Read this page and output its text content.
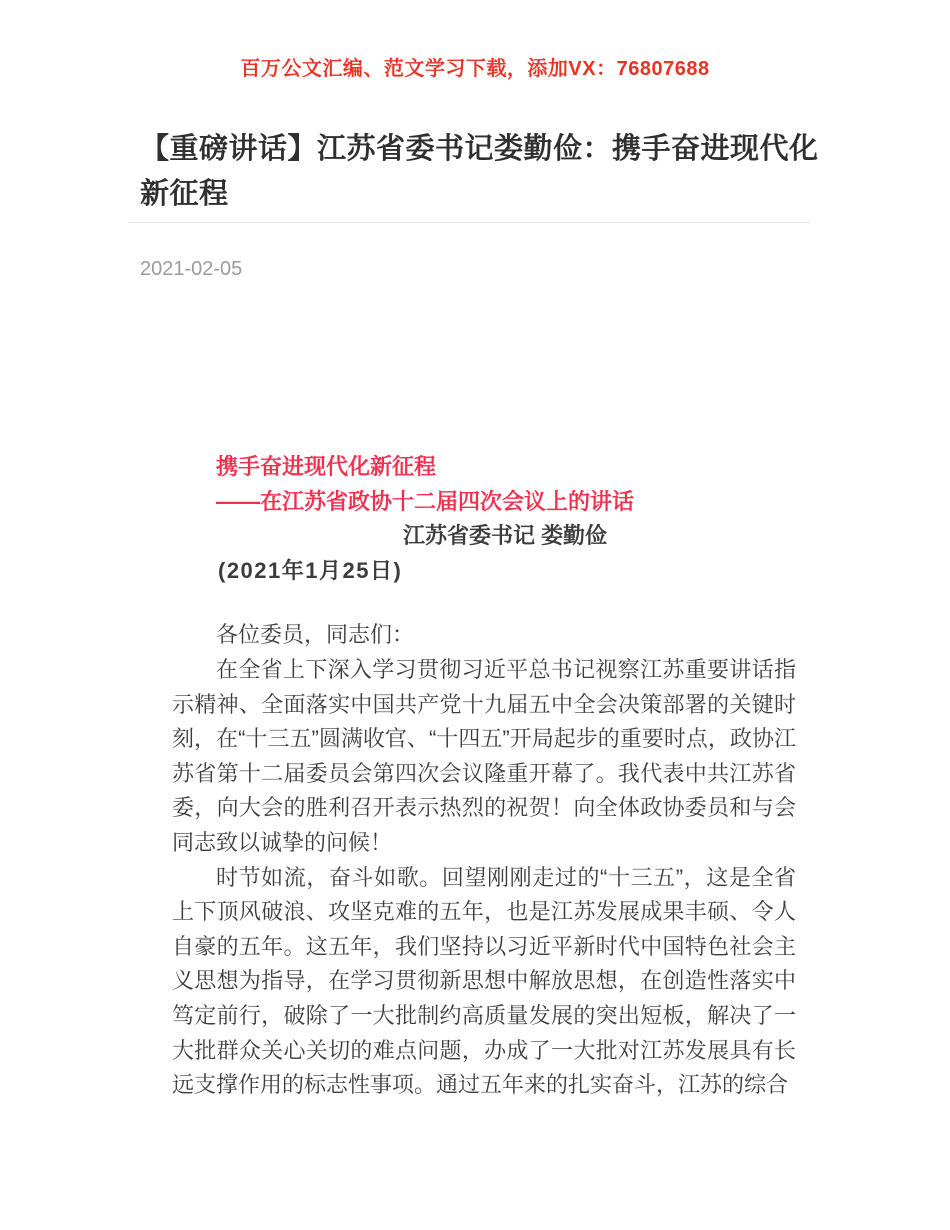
百万公文汇编、范文学习下载，添加VX：76807688
【重磅讲话】江苏省委书记娄勤俭：携手奋进现代化新征程
2021-02-05

携手奋进现代化新征程

——在江苏省政协十二届四次会议上的讲话

江苏省委书记 娄勤俭

(2021年1月25日)

各位委员，同志们：

在全省上下深入学习贯彻习近平总书记视察江苏重要讲话指示精神、全面落实中国共产党十九届五中全会决策部署的关键时刻，在“十三五”圆满收官、“十四五”开局起步的重要时点，政协江苏省第十二届委员会第四次会议隆重开幕了。我代表中共江苏省委，向大会的胜利召开表示热烈的祝贺！向全体政协委员和与会同志致以诚挚的问候！

时节如流，奋斗如歌。回望刚刚走过的“十三五”，这是全省上下顶风破浪、攻坚克难的五年，也是江苏发展成果丰硕、令人自豪的五年。这五年，我们坚持以习近平新时代中国特色社会主义思想为指导，在学习贯彻新思想中解放思想，在创造性落实中笃定前行，破除了一大批制约高质量发展的突出短板，解决了一大批群众关心关切的难点问题，办成了一大批对江苏发展具有长远支撑作用的标志性事项。通过五年来的扎实奋斗，江苏的综合
